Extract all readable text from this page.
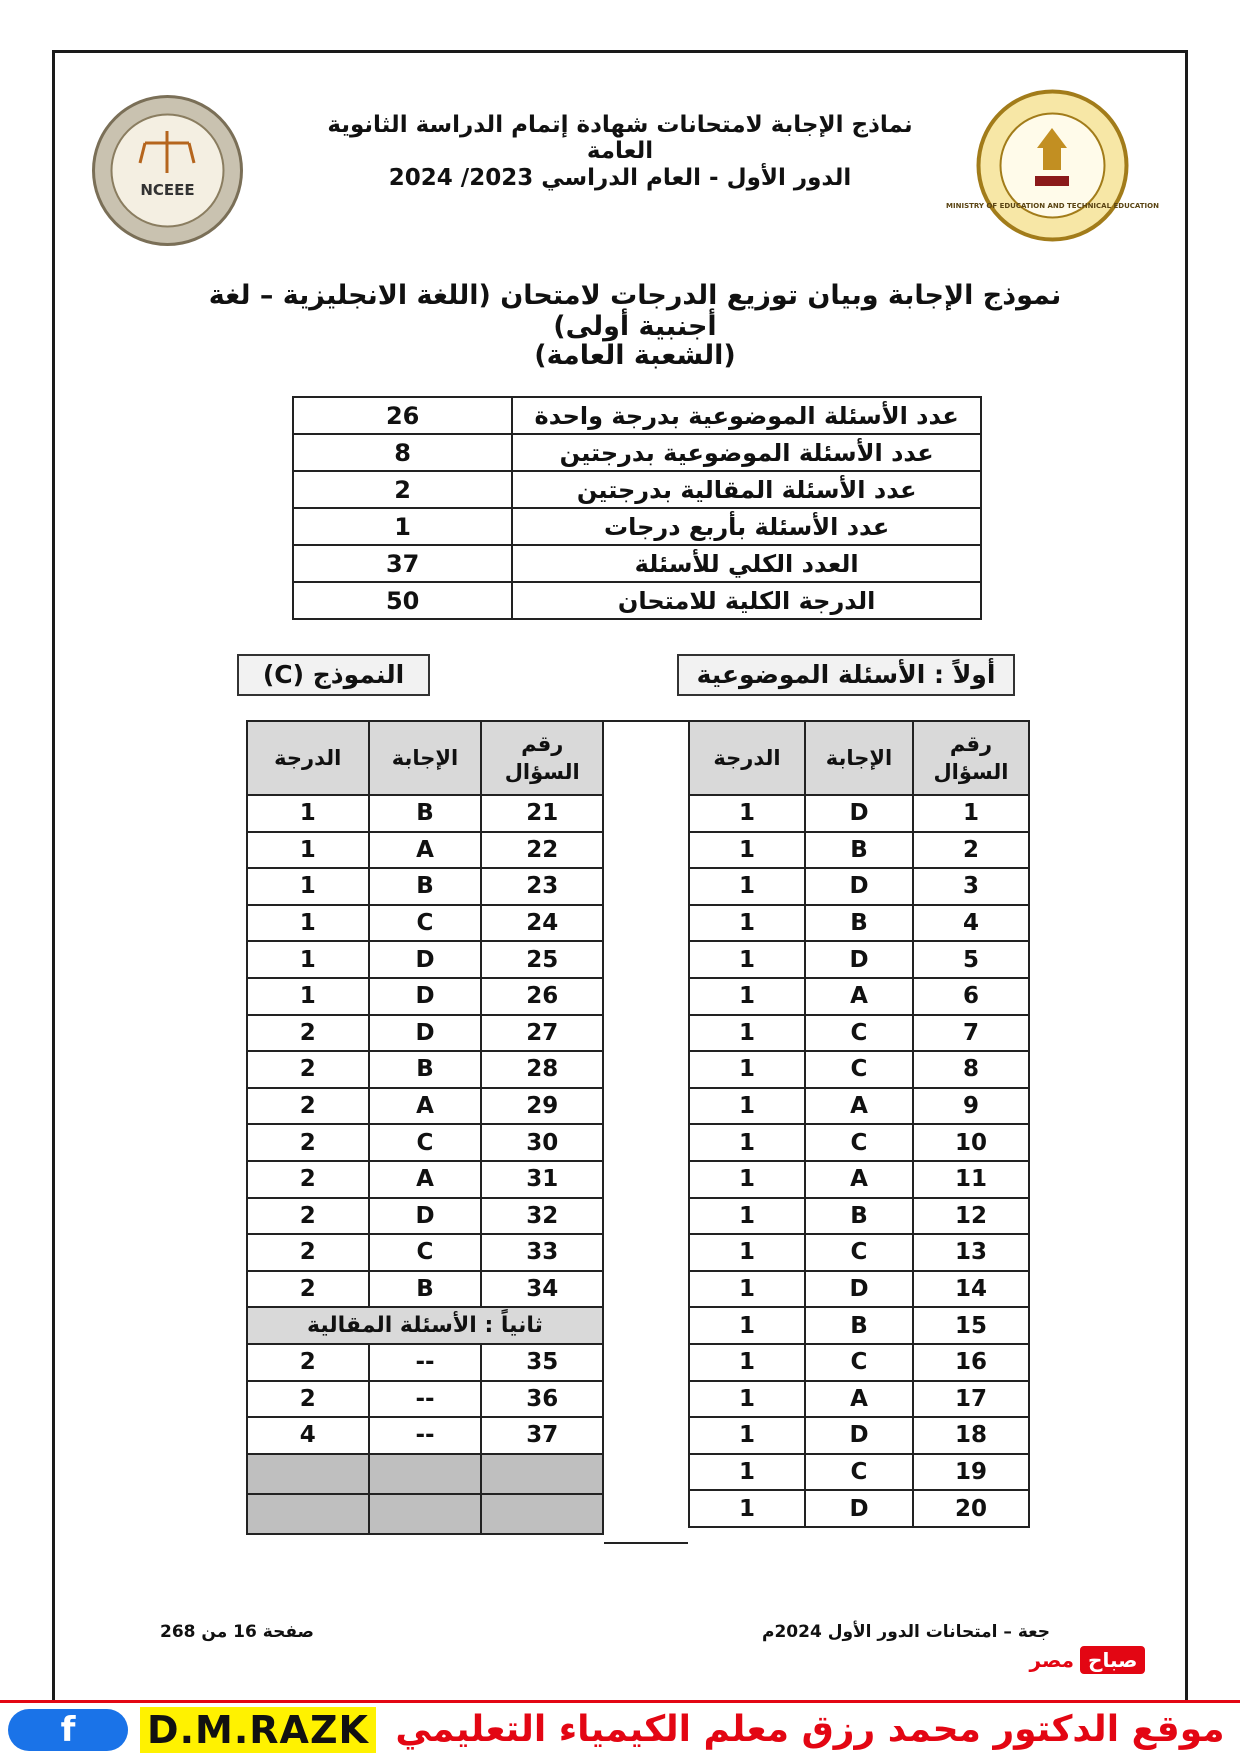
NCEEE
MINISTRY OF EDUCATION AND TECHNICAL EDUCATION
نماذج الإجابة لامتحانات شهادة إتمام الدراسة الثانوية العامة
الدور الأول - العام الدراسي 2023/ 2024
نموذج الإجابة وبيان توزيع الدرجات لامتحان (اللغة الانجليزية – لغة أجنبية أولى)
(الشعبة العامة)
26	عدد الأسئلة الموضوعية بدرجة واحدة
8	عدد الأسئلة الموضوعية بدرجتين
2	عدد الأسئلة المقالية بدرجتين
1	عدد الأسئلة بأربع درجات
37	العدد الكلي للأسئلة
50	الدرجة الكلية للامتحان
أولاً : الأسئلة الموضوعية
النموذج (C)
الدرجة	الإجابة	رقم
السؤال
1	D	1
1	B	2
1	D	3
1	B	4
1	D	5
1	A	6
1	C	7
1	C	8
1	A	9
1	C	10
1	A	11
1	B	12
1	C	13
1	D	14
1	B	15
1	C	16
1	A	17
1	D	18
1	C	19
1	D	20
الدرجة	الإجابة	رقم
السؤال
1	B	21
1	A	22
1	B	23
1	C	24
1	D	25
1	D	26
2	D	27
2	B	28
2	A	29
2	C	30
2	A	31
2	D	32
2	C	33
2	B	34
ثانياً : الأسئلة المقالية		
2	--	35
2	--	36
4	--	37

صفحة 16 من 268	جعة – امتحانات الدور الأول 2024م
مصر صباح
f	D.M.RAZK موقع الدكتور محمد رزق معلم الكيمياء التعليمي
